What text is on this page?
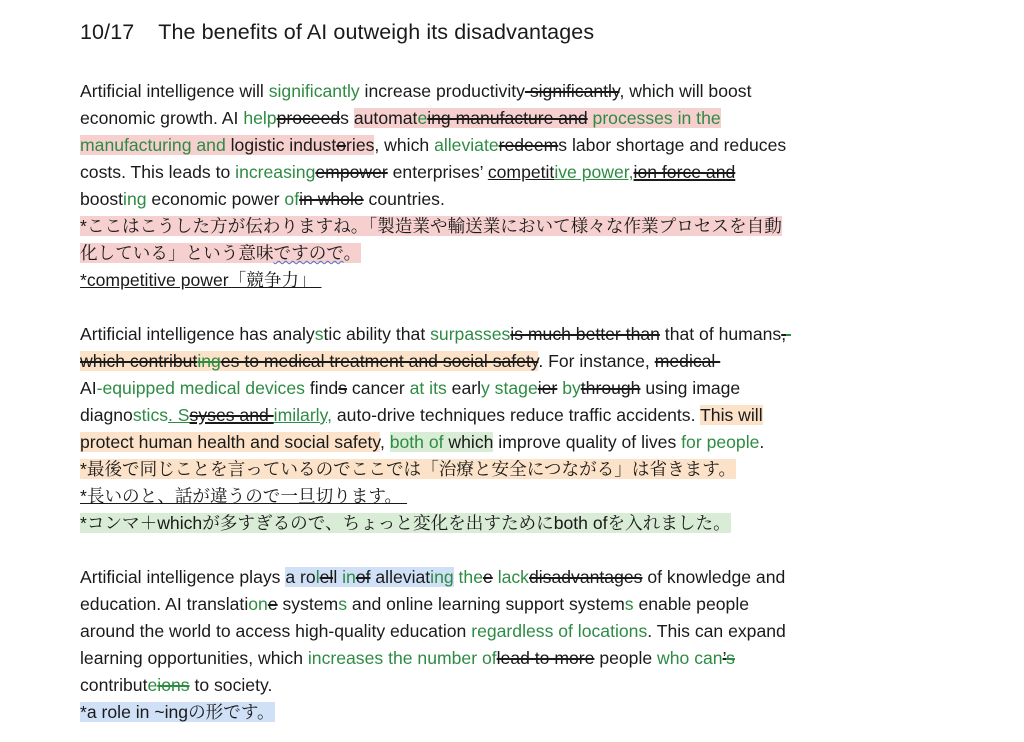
10/17    The benefits of AI outweigh its disadvantages
Artificial intelligence will significantly increase productivity significantly, which will boost
economic growth. AI helpproceeds automateing manufacture and processes in the
manufacturing and logistic industories, which alleviateredeems labor shortage and reduces
costs. This leads to increasingempower enterprises’ competitive power,ion force and
boosting economic power ofin whole countries.
*ここはこうした方が伝わりますね。「製造業や輸送業において様々な作業プロセスを自動
化している」という意味ですので。
*competitive power「競争力」
Artificial intelligence has analystic ability that surpassesis much better than that of humans,
which contributinges to medical treatment and social safety. For instance, medical
AI-equipped medical devices finds cancer at its early stageier bythrough using image
diagnostics. Ssyses and imilarly, auto-drive techniques reduce traffic accidents. This will
protect human health and social safety, both of which improve quality of lives for people.
*最後で同じことを言っているのでここでは「治療と安全につながる」は省きます。
*長いのと、話が違うので一旦切ります。
*コンマ＋whichが多すぎるので、ちょっと変化を出すためにboth ofを入れました。
Artificial intelligence plays a rolell inof alleviating thee lackdisadvantages of knowledge and
education. AI translatione systems and online learning support systems enable people
around the world to access high-quality education regardless of locations. This can expand
learning opportunities, which increases the number oflead to more people who can’s
contributeions to society.
*a role in ~ingの形です。
